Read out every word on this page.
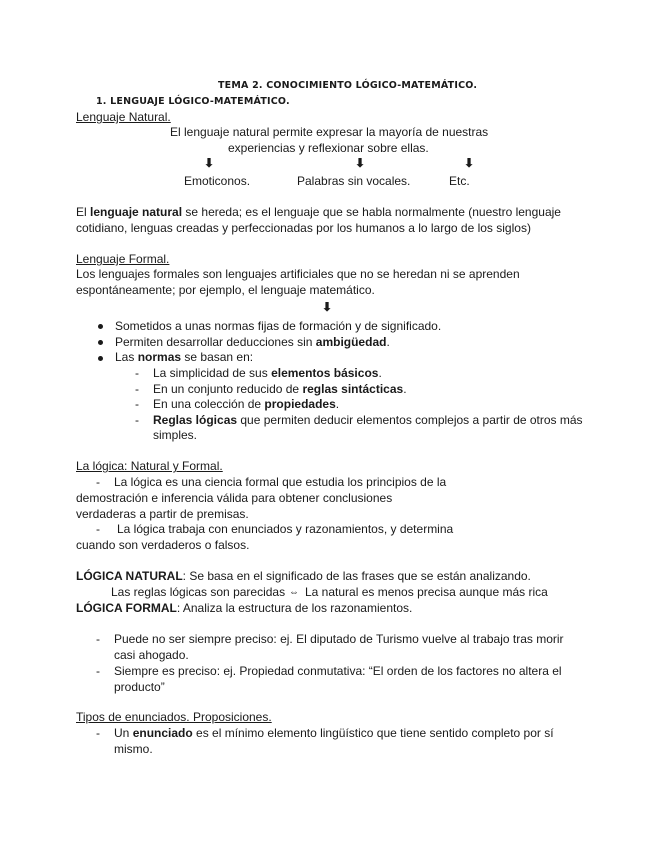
TEMA 2. CONOCIMIENTO LÓGICO-MATEMÁTICO.
1. LENGUAJE LÓGICO-MATEMÁTICO.
Lenguaje Natural.
El lenguaje natural permite expresar la mayoría de nuestras
experiencias y reflexionar sobre ellas.
⬇	⬇	⬇
Emoticonos.	Palabras sin vocales.	Etc.
El lenguaje natural se hereda; es el lenguaje que se habla normalmente (nuestro lenguaje
cotidiano, lenguas creadas y perfeccionadas por los humanos a lo largo de los siglos)
Lenguaje Formal.
Los lenguajes formales son lenguajes artificiales que no se heredan ni se aprenden
espontáneamente; por ejemplo, el lenguaje matemático.
⬇
Sometidos a unas normas fijas de formación y de significado.
Permiten desarrollar deducciones sin ambigüedad.
Las normas se basan en:
- La simplicidad de sus elementos básicos.
- En un conjunto reducido de reglas sintácticas.
- En una colección de propiedades.
- Reglas lógicas que permiten deducir elementos complejos a partir de otros más
simples.
La lógica: Natural y Formal.
- La lógica es una ciencia formal que estudia los principios de la
demostración e inferencia válida para obtener conclusiones
verdaderas a partir de premisas.
- La lógica trabaja con enunciados y razonamientos, y determina
cuando son verdaderos o falsos.
LÓGICA NATURAL: Se basa en el significado de las frases que se están analizando.
Las reglas lógicas son parecidas ⇔ La natural es menos precisa aunque más rica
LÓGICA FORMAL: Analiza la estructura de los razonamientos.
- Puede no ser siempre preciso: ej. El diputado de Turismo vuelve al trabajo tras morir
casi ahogado.
- Siempre es preciso: ej. Propiedad conmutativa: “El orden de los factores no altera el
producto”
Tipos de enunciados. Proposiciones.
- Un enunciado es el mínimo elemento lingüístico que tiene sentido completo por sí
mismo.
